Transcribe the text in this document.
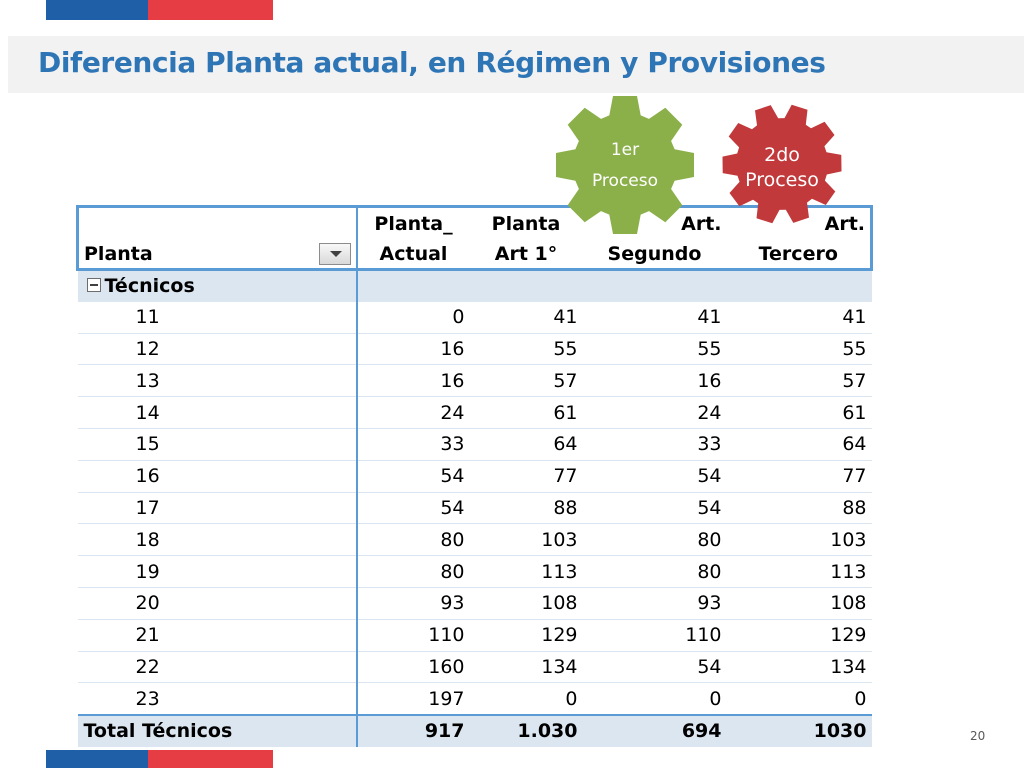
Diferencia Planta actual, en Régimen y Provisiones
	Planta_	Planta	Art.	Art.
Planta	Actual	Art 1°	Segundo	Tercero
Técnicos				
11	0	41	41	41
12	16	55	55	55
13	16	57	16	57
14	24	61	24	61
15	33	64	33	64
16	54	77	54	77
17	54	88	54	88
18	80	103	80	103
19	80	113	80	113
20	93	108	93	108
21	110	129	110	129
22	160	134	54	134
23	197	0	0	0
Total Técnicos	917	1.030	694	1030
1er
Proceso
2do
Proceso
20
